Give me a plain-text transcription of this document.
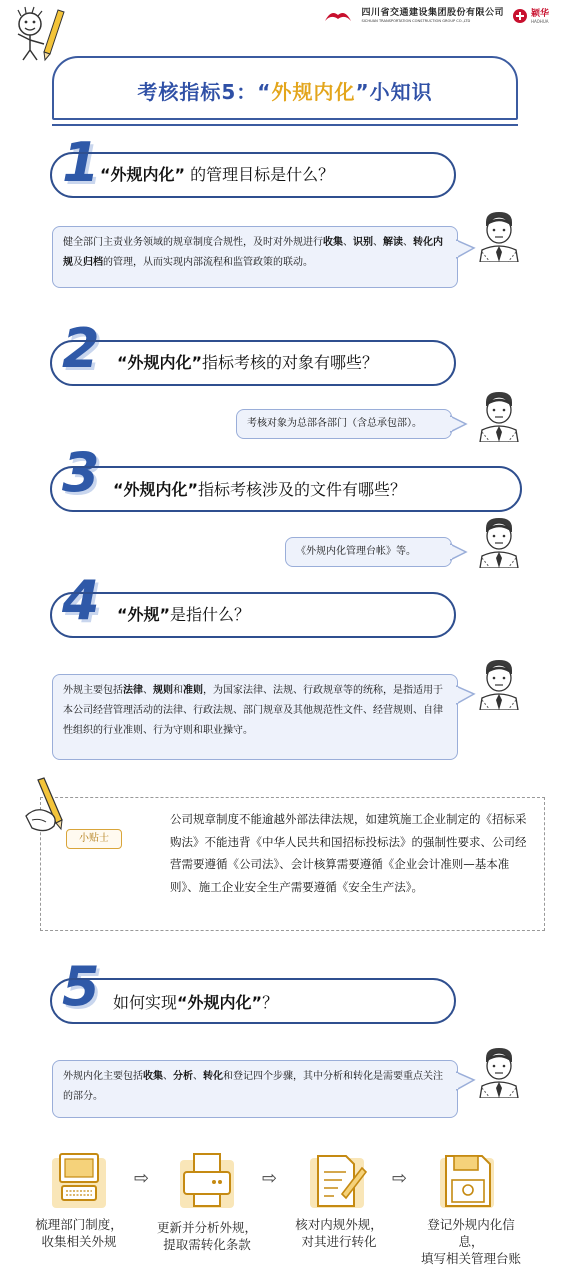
四川省交通建设集团股份有限公司
SICHUAN TRANSPORTATION CONSTRUCTION GROUP CO.,LTD
颖华
HAOHUA
考核指标5：“外规内化”小知识
1 “外规内化” 的管理目标是什么？
健全部门主责业务领域的规章制度合规性，及时对外规进行收集、识别、解读、转化内规及归档的管理，从而实现内部流程和监管政策的联动。
2 “外规内化”指标考核的对象有哪些？
考核对象为总部各部门（含总承包部）。
3 “外规内化”指标考核涉及的文件有哪些？
《外规内化管理台帐》等。
4 “外规”是指什么？
外规主要包括法律、规则和准则，为国家法律、法规、行政规章等的统称，是指适用于本公司经营管理活动的法律、行政法规、部门规章及其他规范性文件、经营规则、自律性组织的行业准则、行为守则和职业操守。
小贴士
公司规章制度不能逾越外部法律法规，如建筑施工企业制定的《招标采购法》不能违背《中华人民共和国招标投标法》的强制性要求、公司经营需要遵循《公司法》、会计核算需要遵循《企业会计准则—基本准则》、施工企业安全生产需要遵循《安全生产法》。
5 如何实现“外规内化”？
外规内化主要包括收集、分析、转化和登记四个步骤，其中分析和转化是需要重点关注的部分。
⇨	⇨	⇨
梳理部门制度，
收集相关外规
更新并分析外规，
提取需转化条款
核对内规外规，
对其进行转化
登记外规内化信息，
填写相关管理台账
